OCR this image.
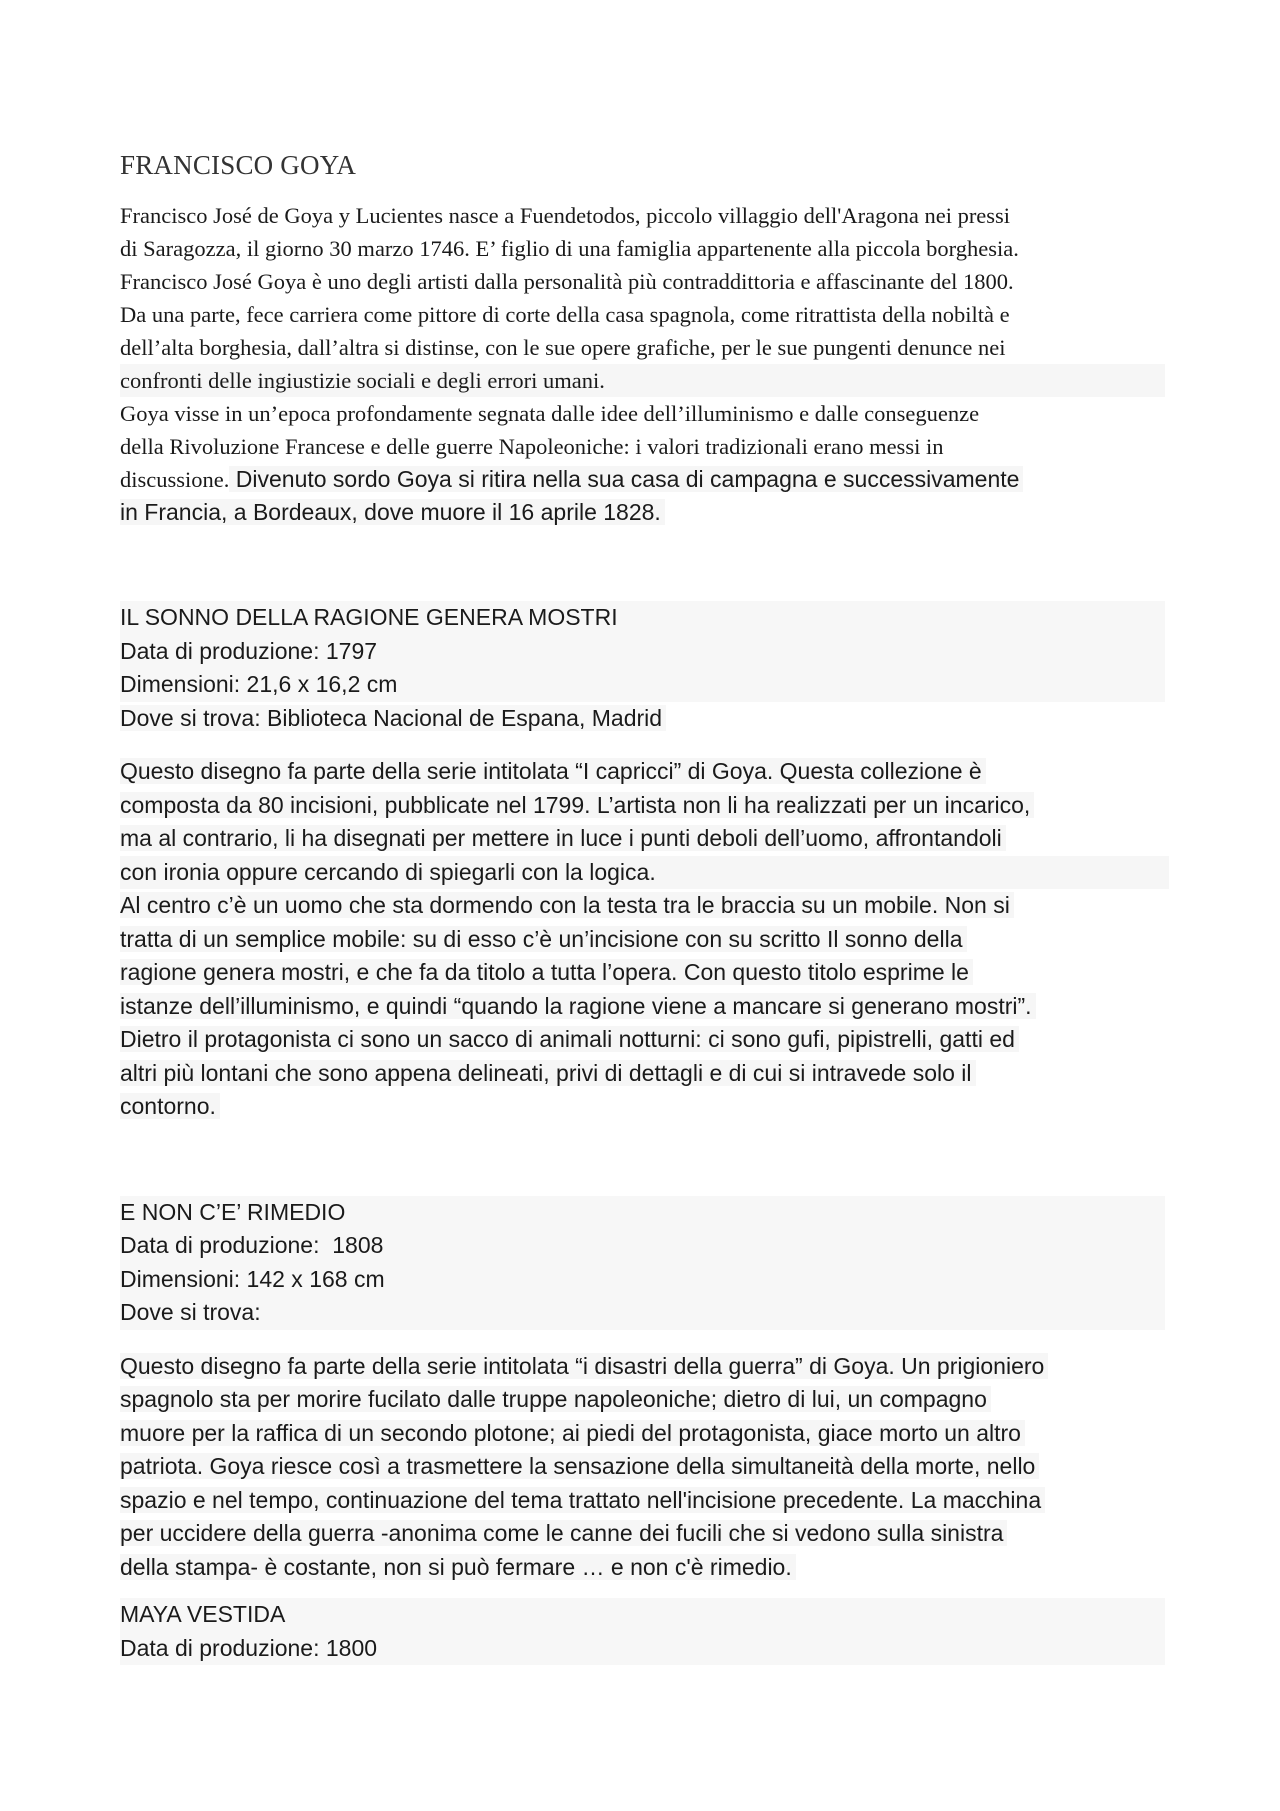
FRANCISCO GOYA
Francisco José de Goya y Lucientes nasce a Fuendetodos, piccolo villaggio dell'Aragona nei pressi
di Saragozza, il giorno 30 marzo 1746. E’ figlio di una famiglia appartenente alla piccola borghesia.
Francisco José Goya è uno degli artisti dalla personalità più contraddittoria e affascinante del 1800.
Da una parte, fece carriera come pittore di corte della casa spagnola, come ritrattista della nobiltà e
dell’alta borghesia, dall’altra si distinse, con le sue opere grafiche, per le sue pungenti denunce nei
confronti delle ingiustizie sociali e degli errori umani.
Goya visse in un’epoca profondamente segnata dalle idee dell’illuminismo e dalle conseguenze
della Rivoluzione Francese e delle guerre Napoleoniche: i valori tradizionali erano messi in
discussione. Divenuto sordo Goya si ritira nella sua casa di campagna e successivamente
in Francia, a Bordeaux, dove muore il 16 aprile 1828.
IL SONNO DELLA RAGIONE GENERA MOSTRI
Data di produzione: 1797
Dimensioni: 21,6 x 16,2 cm
Dove si trova: Biblioteca Nacional de Espana, Madrid
Questo disegno fa parte della serie intitolata “I capricci” di Goya. Questa collezione è
composta da 80 incisioni, pubblicate nel 1799. L’artista non li ha realizzati per un incarico,
ma al contrario, li ha disegnati per mettere in luce i punti deboli dell’uomo, affrontandoli
con ironia oppure cercando di spiegarli con la logica.
Al centro c’è un uomo che sta dormendo con la testa tra le braccia su un mobile. Non si
tratta di un semplice mobile: su di esso c’è un’incisione con su scritto Il sonno della
ragione genera mostri, e che fa da titolo a tutta l’opera. Con questo titolo esprime le
istanze dell’illuminismo, e quindi “quando la ragione viene a mancare si generano mostri”.
Dietro il protagonista ci sono un sacco di animali notturni: ci sono gufi, pipistrelli, gatti ed
altri più lontani che sono appena delineati, privi di dettagli e di cui si intravede solo il
contorno.
E NON C’E’ RIMEDIO
Data di produzione:  1808
Dimensioni: 142 x 168 cm
Dove si trova:
Questo disegno fa parte della serie intitolata “i disastri della guerra” di Goya. Un prigioniero
spagnolo sta per morire fucilato dalle truppe napoleoniche; dietro di lui, un compagno
muore per la raffica di un secondo plotone; ai piedi del protagonista, giace morto un altro
patriota. Goya riesce così a trasmettere la sensazione della simultaneità della morte, nello
spazio e nel tempo, continuazione del tema trattato nell'incisione precedente. La macchina
per uccidere della guerra -anonima come le canne dei fucili che si vedono sulla sinistra
della stampa- è costante, non si può fermare … e non c'è rimedio.
MAYA VESTIDA
Data di produzione: 1800
